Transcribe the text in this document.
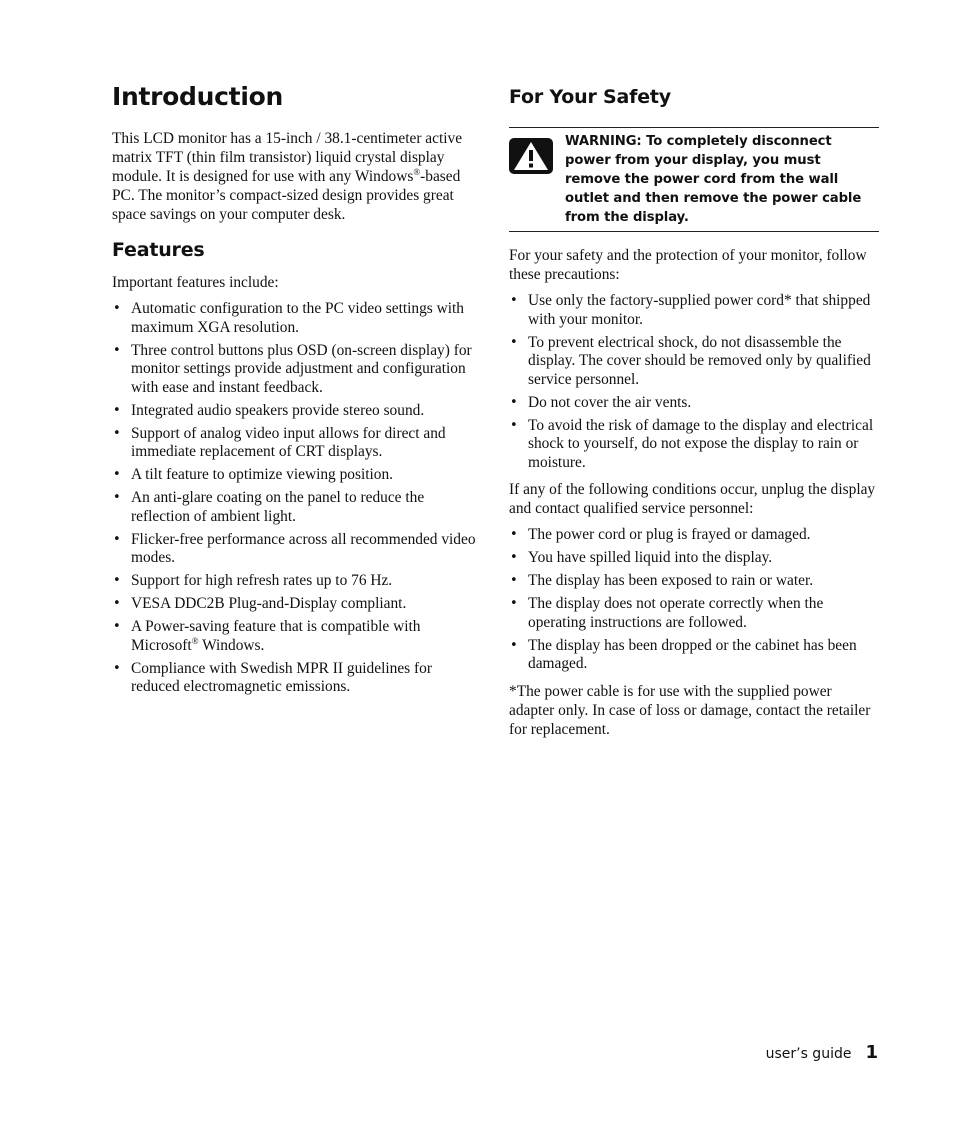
Introduction

This LCD monitor has a 15-inch / 38.1-centimeter active matrix TFT (thin film transistor) liquid crystal display module. It is designed for use with any Windows®-based PC. The monitor’s compact-sized design provides great space savings on your computer desk.

Features

Important features include:

• Automatic configuration to the PC video settings with maximum XGA resolution.
• Three control buttons plus OSD (on-screen display) for monitor settings provide adjustment and configuration with ease and instant feedback.
• Integrated audio speakers provide stereo sound.
• Support of analog video input allows for direct and immediate replacement of CRT displays.
• A tilt feature to optimize viewing position.
• An anti-glare coating on the panel to reduce the reflection of ambient light.
• Flicker-free performance across all recommended video modes.
• Support for high refresh rates up to 76 Hz.
• VESA DDC2B Plug-and-Display compliant.
• A Power-saving feature that is compatible with Microsoft® Windows.
• Compliance with Swedish MPR II guidelines for reduced electromagnetic emissions.
For Your Safety
WARNING: To completely disconnect power from your display, you must remove the power cord from the wall outlet and then remove the power cable from the display.

For your safety and the protection of your monitor, follow these precautions:

• Use only the factory-supplied power cord* that shipped with your monitor.
• To prevent electrical shock, do not disassemble the display. The cover should be removed only by qualified service personnel.
• Do not cover the air vents.
• To avoid the risk of damage to the display and electrical shock to yourself, do not expose the display to rain or moisture.

If any of the following conditions occur, unplug the display and contact qualified service personnel:

• The power cord or plug is frayed or damaged.
• You have spilled liquid into the display.
• The display has been exposed to rain or water.
• The display does not operate correctly when the operating instructions are followed.
• The display has been dropped or the cabinet has been damaged.

*The power cable is for use with the supplied power adapter only. In case of loss or damage, contact the retailer for replacement.

user’s guide 1
